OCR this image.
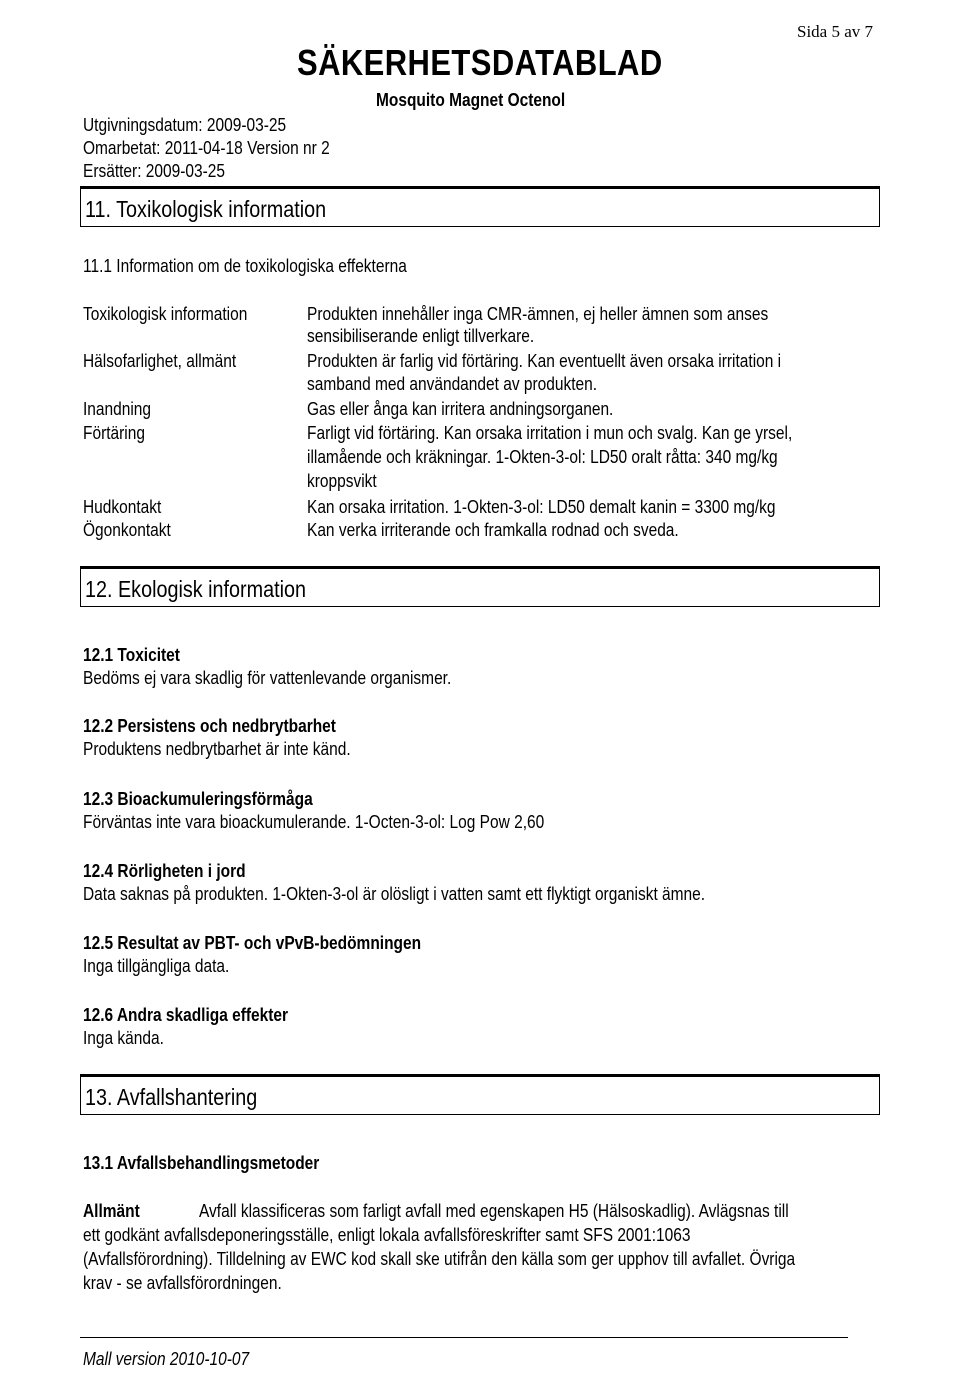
Sida 5 av 7
SÄKERHETSDATABLAD
Mosquito Magnet Octenol
Utgivningsdatum: 2009-03-25
Omarbetat: 2011-04-18 Version nr 2
Ersätter: 2009-03-25
11. Toxikologisk information
11.1 Information om de toxikologiska effekterna
Toxikologisk information	Produkten innehåller inga CMR-ämnen, ej heller ämnen som anses
sensibiliserande enligt tillverkare.
Hälsofarlighet, allmänt	Produkten är farlig vid förtäring. Kan eventuellt även orsaka irritation i
samband med användandet av produkten.
Inandning	Gas eller ånga kan irritera andningsorganen.
Förtäring	Farligt vid förtäring. Kan orsaka irritation i mun och svalg. Kan ge yrsel,
illamående och kräkningar. 1-Okten-3-ol: LD50 oralt råtta: 340 mg/kg
kroppsvikt
Hudkontakt	Kan orsaka irritation. 1-Okten-3-ol: LD50 demalt kanin = 3300 mg/kg
Ögonkontakt	Kan verka irriterande och framkalla rodnad och sveda.
12. Ekologisk information
12.1 Toxicitet
Bedöms ej vara skadlig för vattenlevande organismer.
12.2 Persistens och nedbrytbarhet
Produktens nedbrytbarhet är inte känd.
12.3 Bioackumuleringsförmåga
Förväntas inte vara bioackumulerande. 1-Octen-3-ol: Log Pow 2,60
12.4 Rörligheten i jord
Data saknas på produkten. 1-Okten-3-ol är olösligt i vatten samt ett flyktigt organiskt ämne.
12.5 Resultat av PBT- och vPvB-bedömningen
Inga tillgängliga data.
12.6 Andra skadliga effekter
Inga kända.
13. Avfallshantering
13.1 Avfallsbehandlingsmetoder
Allmänt	Avfall klassificeras som farligt avfall med egenskapen H5 (Hälsoskadlig). Avlägsnas till
ett godkänt avfallsdeponeringsställe, enligt lokala avfallsföreskrifter samt SFS 2001:1063
(Avfallsförordning). Tilldelning av EWC kod skall ske utifrån den källa som ger upphov till avfallet. Övriga
krav - se avfallsförordningen.
Mall version 2010-10-07
